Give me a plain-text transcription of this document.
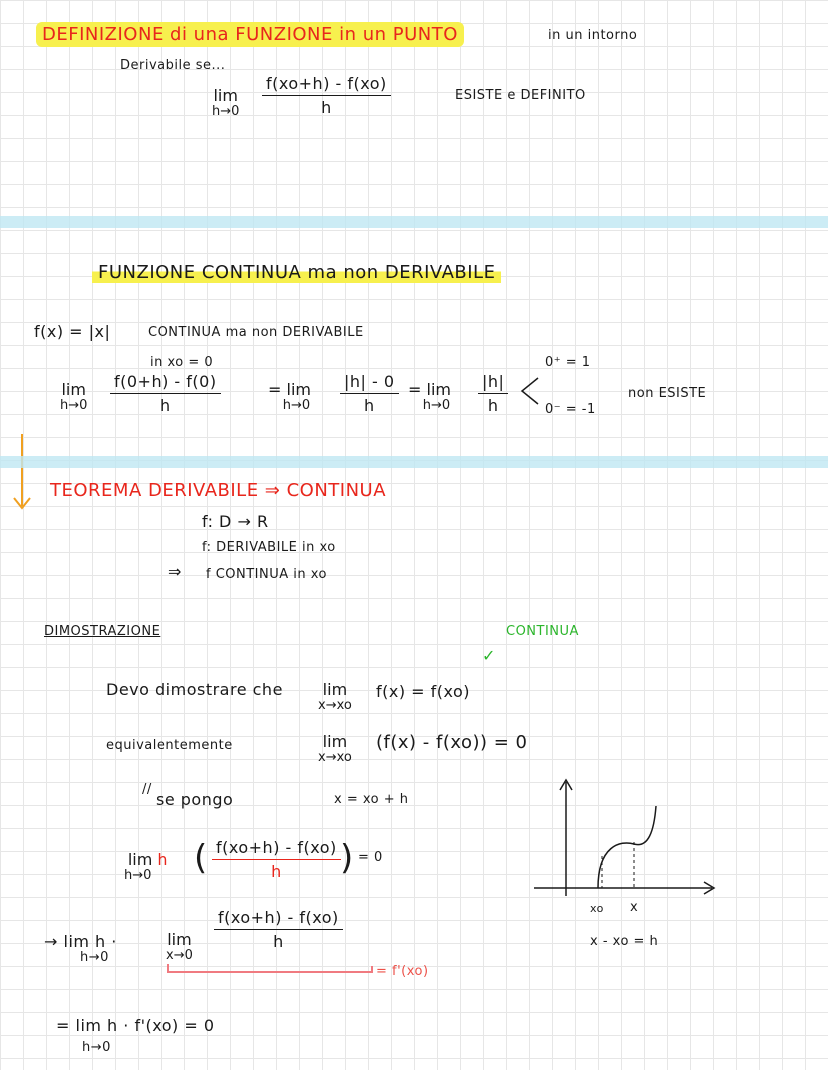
DEFINIZIONE di una FUNZIONE in un PUNTO	in un intorno
Derivabile se...
lim
$h\to 0 \frac{f(xo+h) - f(xo)}{h}$	ESISTE e DEFINITO
FUNZIONE CONTINUA ma non DERIVABILE
f(x) = |x|	CONTINUA ma non DERIVABILE
in xo = 0
lim
$h\to 0 \frac{f(0+h) - f(0)}{h}$	= lim
$h\to 0 \frac{|h| - 0}{h} = \lim$
$h\to 0 \frac{|h|}{h}$
0⁺ = 1
0⁻ = -1
non ESISTE
TEOREMA DERIVABILE ⇒ CONTINUA
f: D → R
f: DERIVABILE in xo
⇒ f CONTINUA in xo
DIMOSTRAZIONE	CONTINUA
✓
Devo dimostrare che lim
x→xo
f(x) = f(xo)
equivalentemente	lim
x→xo
(f(x) - f(xo)) = 0
//
se pongo	x = xo + h
lim h
h→0 ( $\frac{f(xo+h) - f(xo)}{h}$ ) = 0
→ lim h ·	lim
x→0
h→0
$\frac{f(xo+h) - f(xo)}{h}$
= f'(xo)
= lim h · f'(xo) = 0
h→0
xo x
x - xo = h
